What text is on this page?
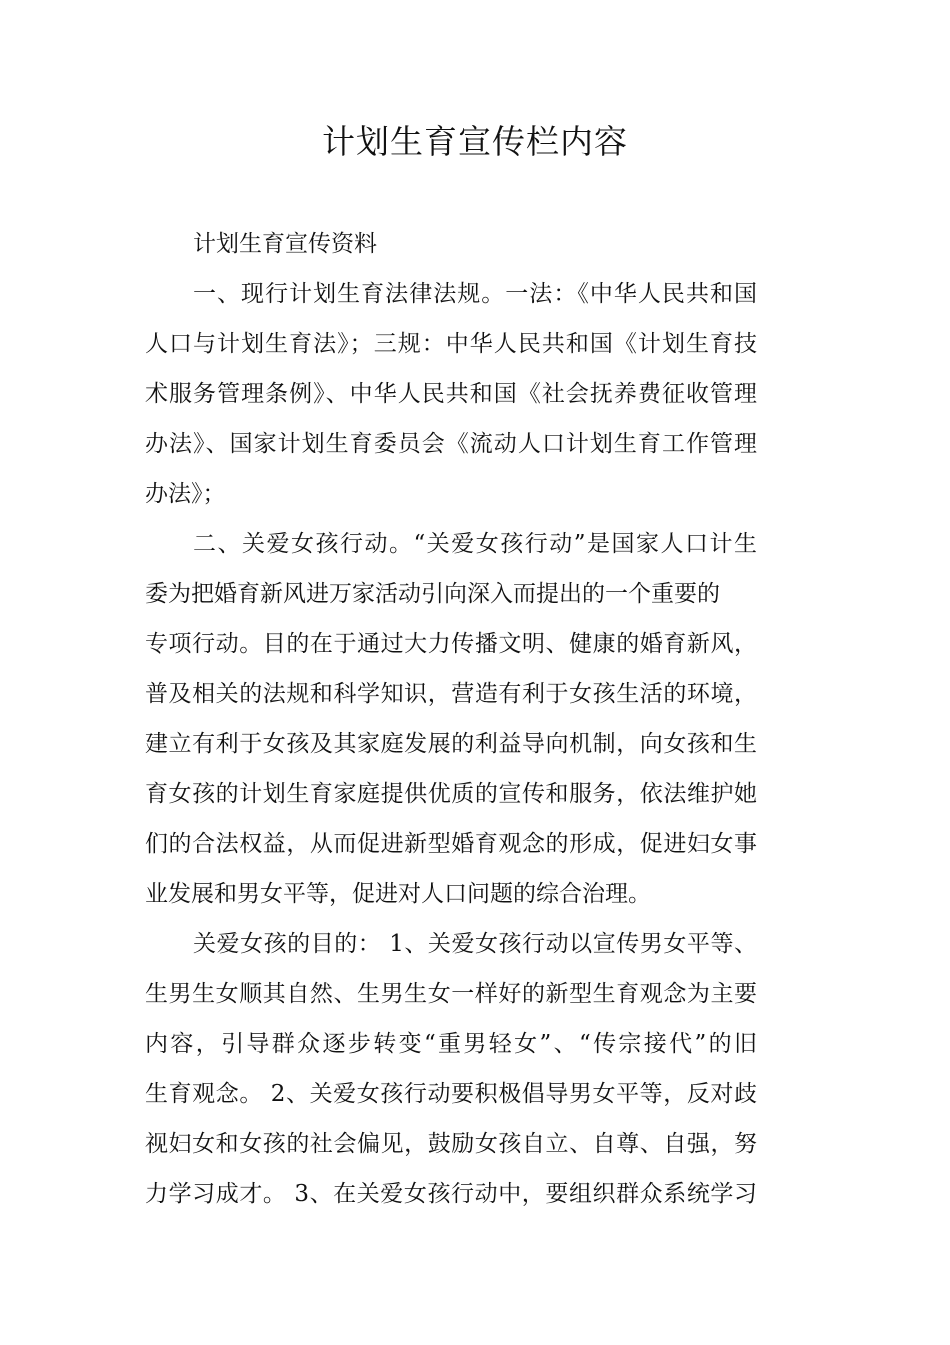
计划生育宣传栏内容
计划生育宣传资料
一、现行计划生育法律法规。一法：《中华人民共和国
人口与计划生育法》；三规：中华人民共和国《计划生育技
术服务管理条例》、中华人民共和国《社会抚养费征收管理
办法》、国家计划生育委员会《流动人口计划生育工作管理
办法》；
二、关爱女孩行动。“关爱女孩行动”是国家人口计生
委为把婚育新风进万家活动引向深入而提出的一个重要的
专项行动。目的在于通过大力传播文明、健康的婚育新风，
普及相关的法规和科学知识，营造有利于女孩生活的环境，
建立有利于女孩及其家庭发展的利益导向机制，向女孩和生
育女孩的计划生育家庭提供优质的宣传和服务，依法维护她
们的合法权益，从而促进新型婚育观念的形成，促进妇女事
业发展和男女平等，促进对人口问题的综合治理。
关爱女孩的目的： 1、关爱女孩行动以宣传男女平等、
生男生女顺其自然、生男生女一样好的新型生育观念为主要
内容，引导群众逐步转变“重男轻女”、“传宗接代”的旧
生育观念。 2、关爱女孩行动要积极倡导男女平等，反对歧
视妇女和女孩的社会偏见，鼓励女孩自立、自尊、自强，努
力学习成才。 3、在关爱女孩行动中，要组织群众系统学习
